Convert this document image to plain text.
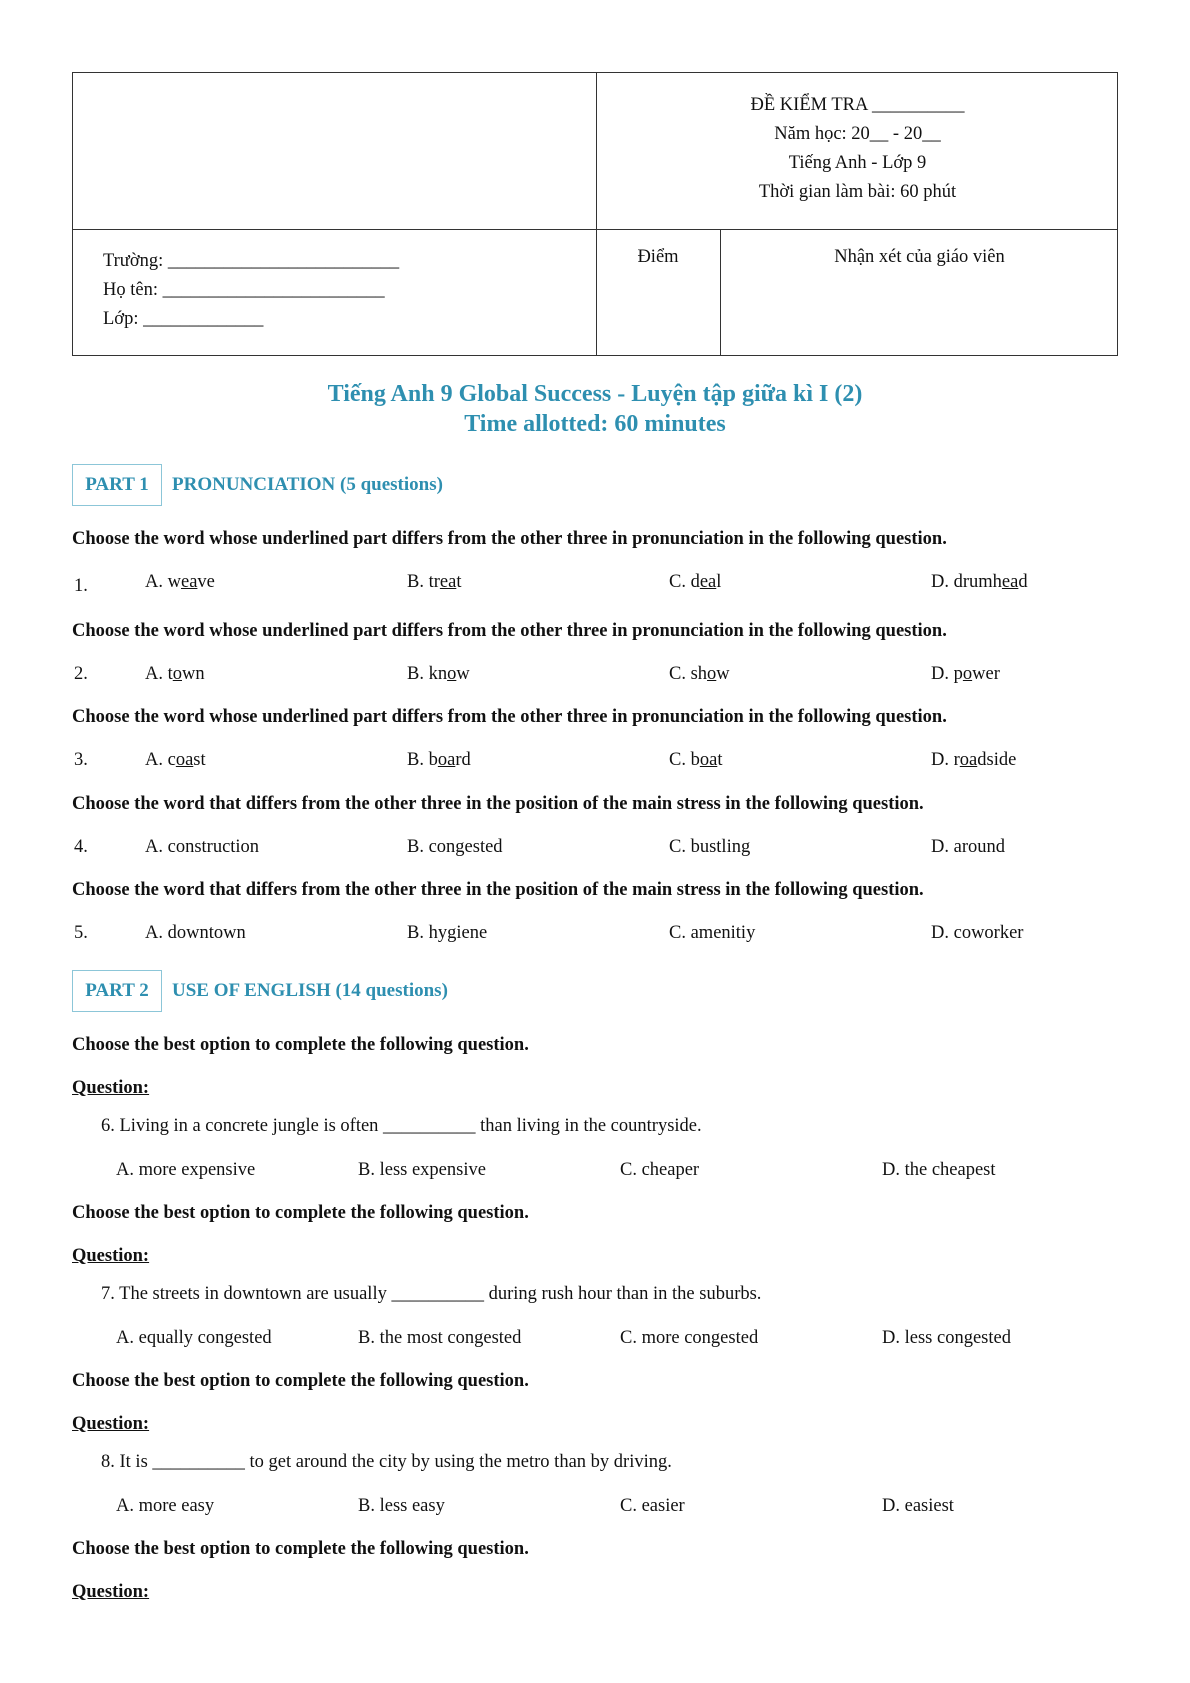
ĐỀ KIỂM TRA __________
Năm học: 20__ - 20__
Tiếng Anh - Lớp 9
Thời gian làm bài: 60 phút
Trường: _________________________
Họ tên: ________________________
Lớp: _____________
Điểm	Nhận xét của giáo viên
Tiếng Anh 9 Global Success - Luyện tập giữa kì I (2)
Time allotted: 60 minutes
PART 1	PRONUNCIATION (5 questions)
Choose the word whose underlined part differs from the other three in pronunciation in the following question.
1.	A. weave	B. treat	C. deal	D. drumhead
Choose the word whose underlined part differs from the other three in pronunciation in the following question.
2.	A. town	B. know	C. show	D. power
Choose the word whose underlined part differs from the other three in pronunciation in the following question.
3.	A. coast	B. board	C. boat	D. roadside
Choose the word that differs from the other three in the position of the main stress in the following question.
4.	A. construction	B. congested	C. bustling	D. around
Choose the word that differs from the other three in the position of the main stress in the following question.
5.	A. downtown	B. hygiene	C. amenitiy	D. coworker
PART 2	USE OF ENGLISH (14 questions)
Choose the best option to complete the following question.
Question:
6. Living in a concrete jungle is often __________ than living in the countryside.
A. more expensive	B. less expensive	C. cheaper	D. the cheapest
Choose the best option to complete the following question.
Question:
7. The streets in downtown are usually __________ during rush hour than in the suburbs.
A. equally congested	B. the most congested	C. more congested	D. less congested
Choose the best option to complete the following question.
Question:
8. It is __________ to get around the city by using the metro than by driving.
A. more easy	B. less easy	C. easier	D. easiest
Choose the best option to complete the following question.
Question:
